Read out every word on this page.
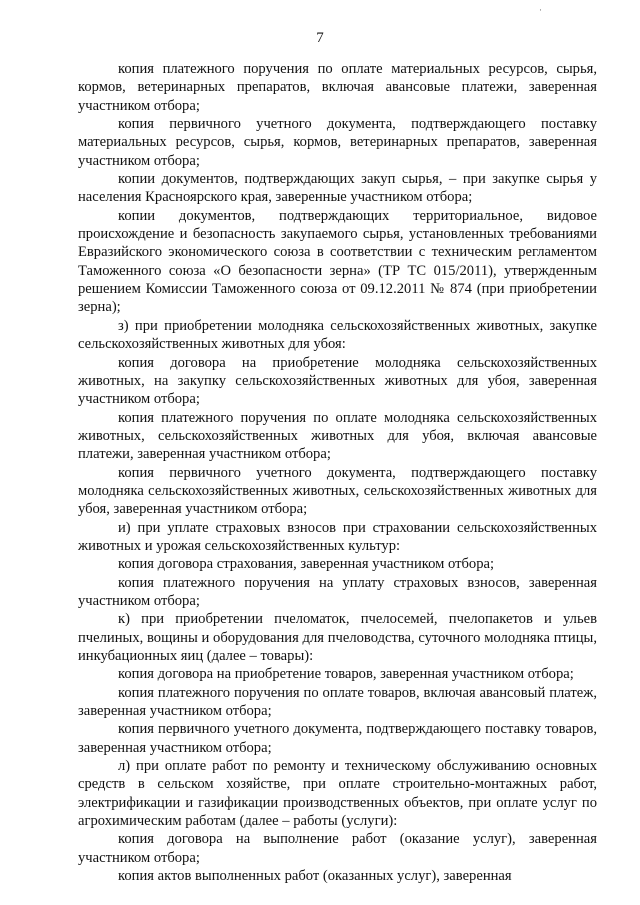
·
7

копия платежного поручения по оплате материальных ресурсов, сырья, кормов, ветеринарных препаратов, включая авансовые платежи, заверенная участником отбора;

копия первичного учетного документа, подтверждающего поставку материальных ресурсов, сырья, кормов, ветеринарных препаратов, заверенная участником отбора;

копии документов, подтверждающих закуп сырья, – при закупке сырья у населения Красноярского края, заверенные участником отбора;

копии документов, подтверждающих территориальное, видовое происхождение и безопасность закупаемого сырья, установленных требованиями Евразийского экономического союза в соответствии с техническим регламентом Таможенного союза «О безопасности зерна» (ТР ТС 015/2011), утвержденным решением Комиссии Таможенного союза от 09.12.2011 № 874 (при приобретении зерна);

з) при приобретении молодняка сельскохозяйственных животных, закупке сельскохозяйственных животных для убоя:

копия договора на приобретение молодняка сельскохозяйственных животных, на закупку сельскохозяйственных животных для убоя, заверенная участником отбора;

копия платежного поручения по оплате молодняка сельскохозяйственных животных, сельскохозяйственных животных для убоя, включая авансовые платежи, заверенная участником отбора;

копия первичного учетного документа, подтверждающего поставку молодняка сельскохозяйственных животных, сельскохозяйственных животных для убоя, заверенная участником отбора;

и) при уплате страховых взносов при страховании сельскохозяйственных животных и урожая сельскохозяйственных культур:

копия договора страхования, заверенная участником отбора;

копия платежного поручения на уплату страховых взносов, заверенная участником отбора;

к) при приобретении пчеломаток, пчелосемей, пчелопакетов и ульев пчелиных, вощины и оборудования для пчеловодства, суточного молодняка птицы, инкубационных яиц (далее – товары):

копия договора на приобретение товаров, заверенная участником отбора;

копия платежного поручения по оплате товаров, включая авансовый платеж, заверенная участником отбора;

копия первичного учетного документа, подтверждающего поставку товаров, заверенная участником отбора;

л) при оплате работ по ремонту и техническому обслуживанию основных средств в сельском хозяйстве, при оплате строительно-монтажных работ, электрификации и газификации производственных объектов, при оплате услуг по агрохимическим работам (далее – работы (услуги):

копия договора на выполнение работ (оказание услуг), заверенная участником отбора;

копия актов выполненных работ (оказанных услуг), заверенная
